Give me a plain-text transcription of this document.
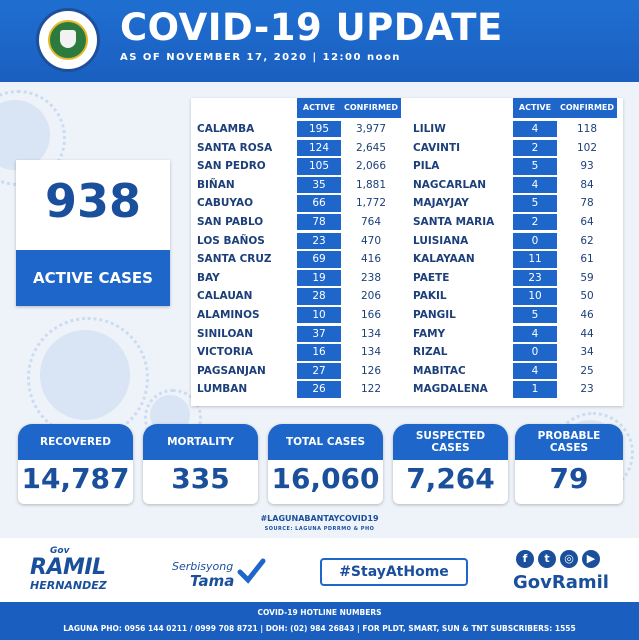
COVID-19 UPDATE
AS OF NOVEMBER 17, 2020 | 12:00 noon
938
ACTIVE CASES
ACTIVE	CONFIRMED	ACTIVE	CONFIRMED
CALAMBA	195	3,977
SANTA ROSA	124	2,645
SAN PEDRO	105	2,066
BIÑAN	35	1,881
CABUYAO	66	1,772
SAN PABLO	78	764
LOS BAÑOS	23	470
SANTA CRUZ	69	416
BAY	19	238
CALAUAN	28	206
ALAMINOS	10	166
SINILOAN	37	134
VICTORIA	16	134
PAGSANJAN	27	126
LUMBAN	26	122
LILIW	4	118
CAVINTI	2	102
PILA	5	93
NAGCARLAN	4	84
MAJAYJAY	5	78
SANTA MARIA	2	64
LUISIANA	0	62
KALAYAAN	11	61
PAETE	23	59
PAKIL	10	50
PANGIL	5	46
FAMY	4	44
RIZAL	0	34
MABITAC	4	25
MAGDALENA	1	23
RECOVERED
14,787
MORTALITY
335
TOTAL CASES
16,060
SUSPECTED CASES
7,264
PROBABLE CASES
79
#LAGUNABANTAYCOVID19
SOURCE: LAGUNA PDRRMO & PHO
Gov
RAMIL
HERNANDEZ
Serbisyong
Tama	#StayAtHome
f	t	◎	▶
GovRamil
COVID-19 HOTLINE NUMBERS
LAGUNA PHO: 0956 144 0211 / 0999 708 8721 | DOH: (02) 984 26843 | FOR PLDT, SMART, SUN & TNT SUBSCRIBERS: 1555
